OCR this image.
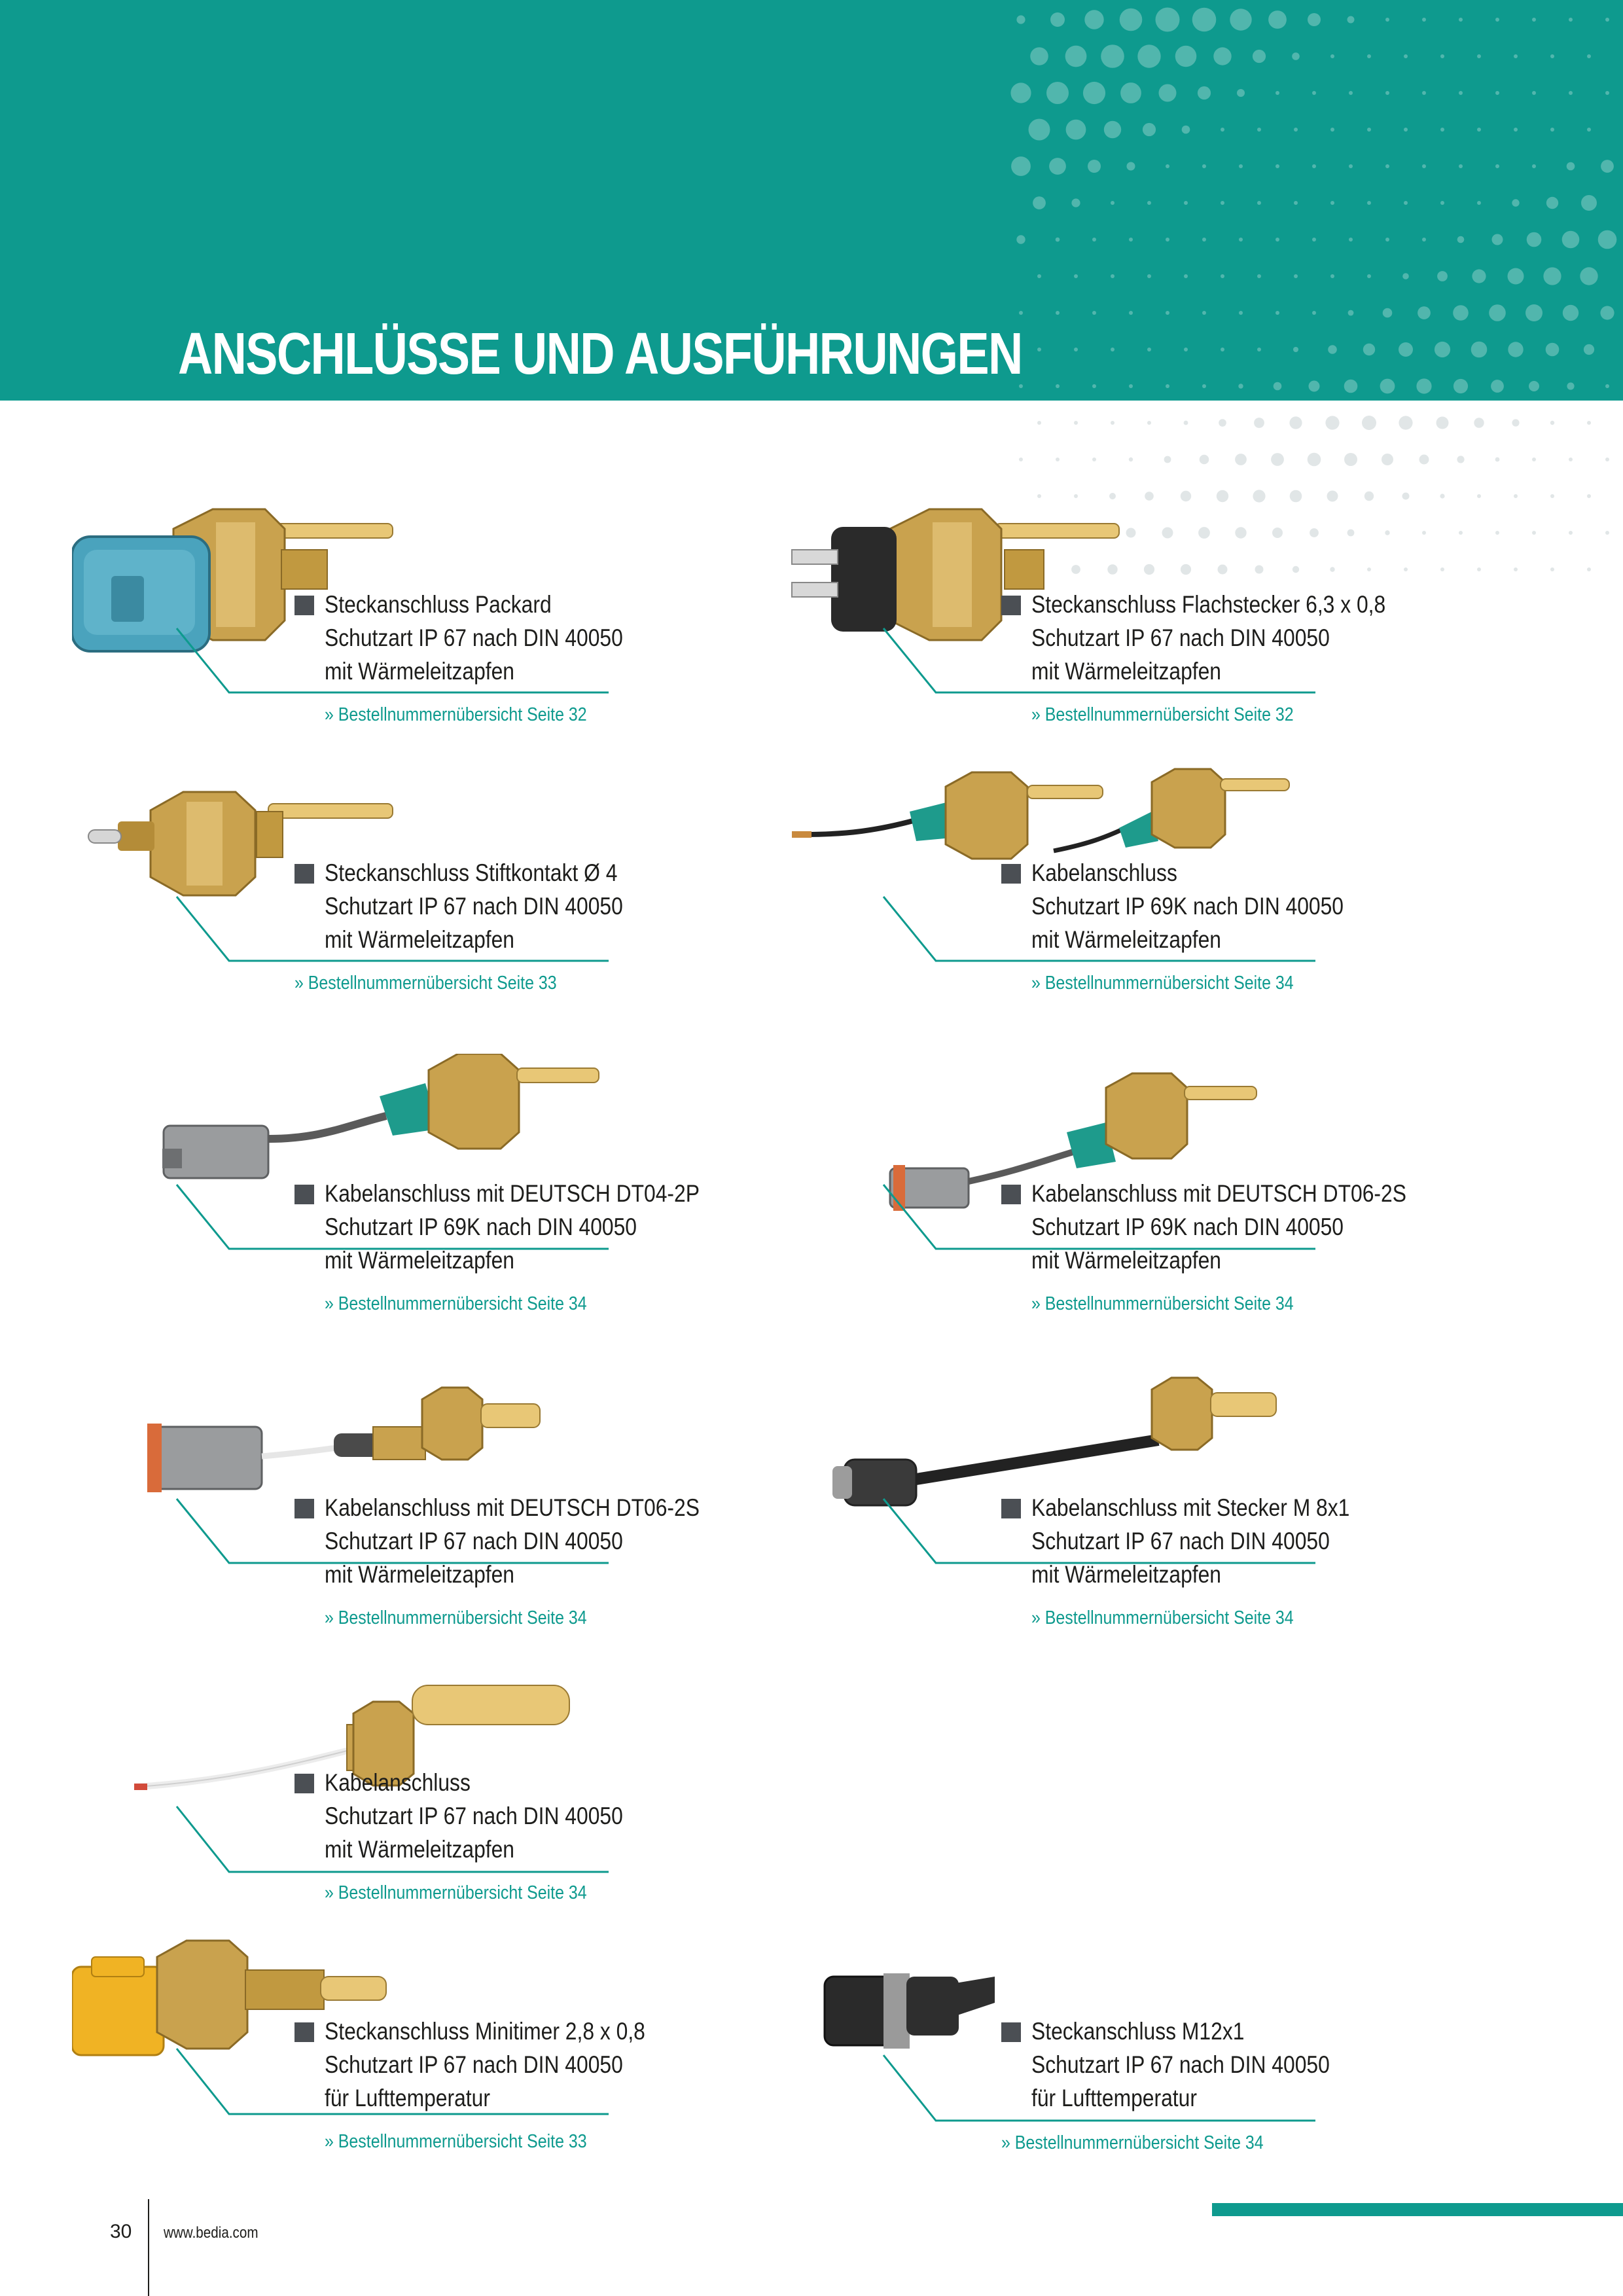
ANSCHLÜSSE UND AUSFÜHRUNGEN
Steckanschluss Packard
Schutzart IP 67 nach DIN 40050
mit Wärmeleitzapfen
» Bestellnummernübersicht Seite 32
Steckanschluss Flachstecker 6,3 x 0,8
Schutzart IP 67 nach DIN 40050
mit Wärmeleitzapfen
» Bestellnummernübersicht Seite 32
Steckanschluss Stiftkontakt Ø 4
Schutzart IP 67 nach DIN 40050
mit Wärmeleitzapfen
» Bestellnummernübersicht Seite 33
Kabelanschluss
Schutzart IP 69K nach DIN 40050
mit Wärmeleitzapfen
» Bestellnummernübersicht Seite 34
Kabelanschluss mit DEUTSCH DT04-2P
Schutzart IP 69K nach DIN 40050
mit Wärmeleitzapfen
» Bestellnummernübersicht Seite 34
Kabelanschluss mit DEUTSCH DT06-2S
Schutzart IP 69K nach DIN 40050
mit Wärmeleitzapfen
» Bestellnummernübersicht Seite 34
Kabelanschluss mit DEUTSCH DT06-2S
Schutzart IP 67 nach DIN 40050
mit Wärmeleitzapfen
» Bestellnummernübersicht Seite 34
Kabelanschluss mit Stecker M 8x1
Schutzart IP 67 nach DIN 40050
mit Wärmeleitzapfen
» Bestellnummernübersicht Seite 34
Kabelanschluss
Schutzart IP 67 nach DIN 40050
mit Wärmeleitzapfen
» Bestellnummernübersicht Seite 34
Steckanschluss Minitimer 2,8 x 0,8
Schutzart IP 67 nach DIN 40050
für Lufttemperatur
» Bestellnummernübersicht Seite 33
Steckanschluss M12x1
Schutzart IP 67 nach DIN 40050
für Lufttemperatur
» Bestellnummernübersicht Seite 34
30 www.bedia.com
